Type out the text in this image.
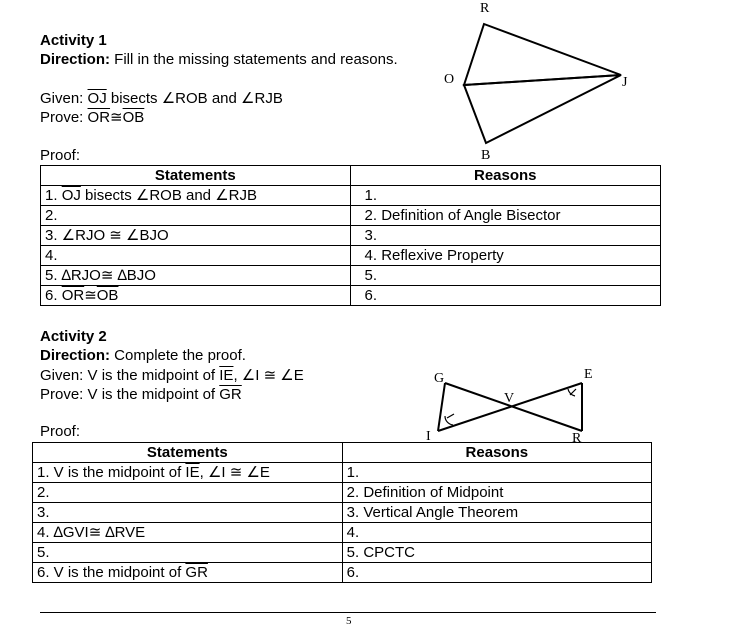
Activity 1
Direction: Fill in the missing statements and reasons.
Given: $\overline{OJ}$ bisects ∠ROB and ∠RJB
Prove: $\overline{OR}≅\overline{OB}$
Proof:
R
O	J
B
Statements	Reasons
1. $\overline{OJ}$ bisects ∠ROB and ∠RJB	1.
2.	2. Definition of Angle Bisector
3. ∠RJO ≅ ∠BJO	3.
4.	4. Reflexive Property
5. ∆RJO≅ ∆BJO	5.
6. $\overline{OR}≅\overline{OB}$	6.
Activity 2
Direction: Complete the proof.
Given: V is the midpoint of $\overline{IE}$, ∠I ≅ ∠E
Prove: V is the midpoint of $\overline{GR}$
Proof:
G	E
V
I	R
Statements	Reasons
1. V is the midpoint of $\overline{IE}$, ∠I ≅ ∠E	1.
2.	2. Definition of Midpoint
3.	3. Vertical Angle Theorem
4. ∆GVI≅ ∆RVE	4.
5.	5. CPCTC
6. V is the midpoint of $\overline{GR}$	6.
5
